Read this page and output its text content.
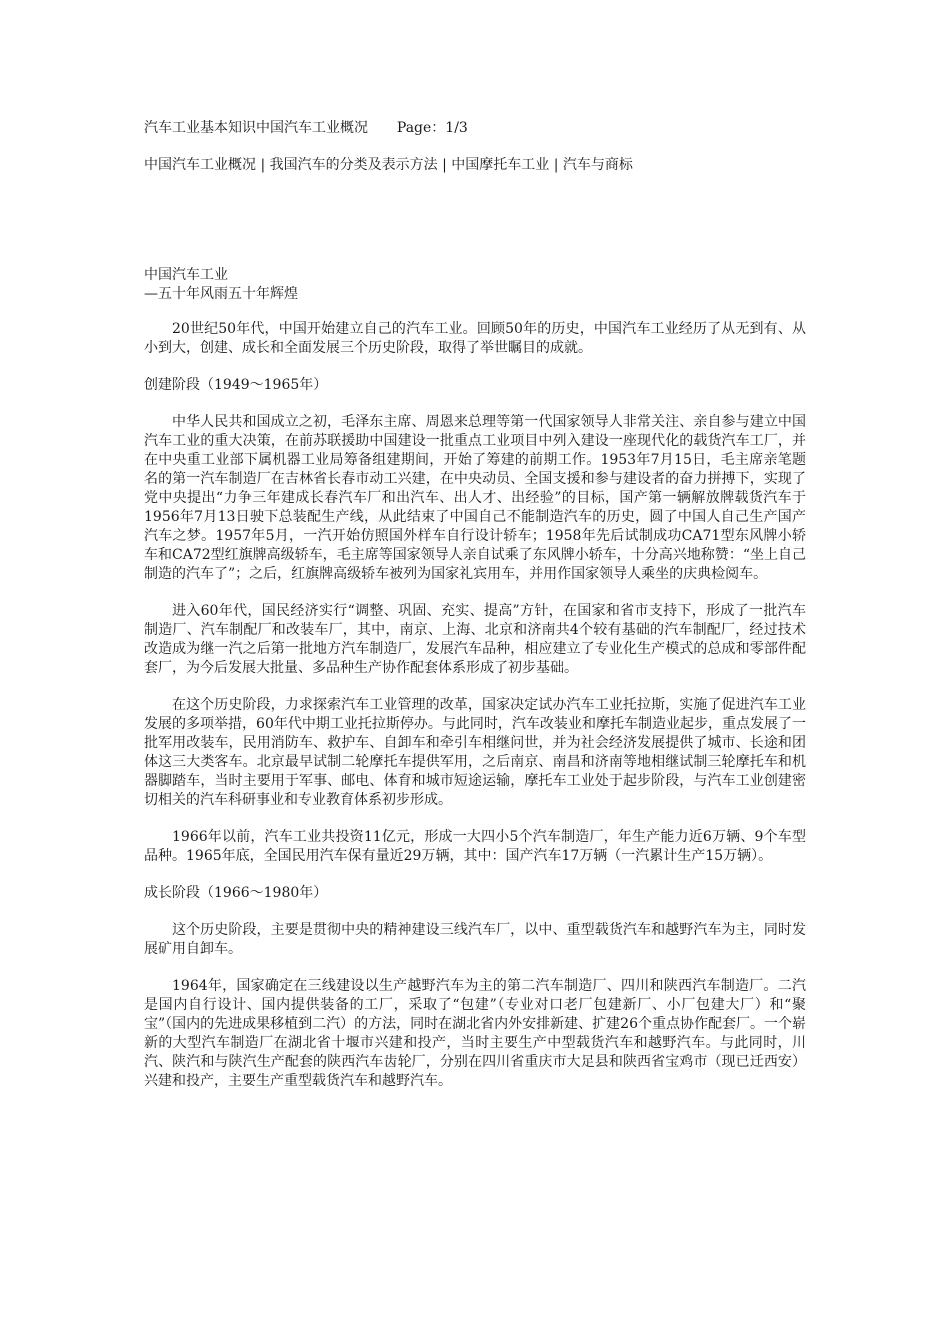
汽车工业基本知识中国汽车工业概况 Page：1/3
中国汽车工业概况 | 我国汽车的分类及表示方法 | 中国摩托车工业 | 汽车与商标
中国汽车工业
—五十年风雨五十年辉煌

20世纪50年代，中国开始建立自己的汽车工业。回顾50年的历史，中国汽车工业经历了从无到有、从小到大，创建、成长和全面发展三个历史阶段，取得了举世瞩目的成就。

创建阶段（1949～1965年）

中华人民共和国成立之初，毛泽东主席、周恩来总理等第一代国家领导人非常关注、亲自参与建立中国汽车工业的重大决策，在前苏联援助中国建设一批重点工业项目中列入建设一座现代化的载货汽车工厂，并在中央重工业部下属机器工业局筹备组建期间，开始了筹建的前期工作。1953年7月15日，毛主席亲笔题名的第一汽车制造厂在吉林省长春市动工兴建，在中央动员、全国支援和参与建设者的奋力拼搏下，实现了党中央提出“力争三年建成长春汽车厂和出汽车、出人才、出经验”的目标，国产第一辆解放牌载货汽车于1956年7月13日驶下总装配生产线，从此结束了中国自己不能制造汽车的历史，圆了中国人自己生产国产汽车之梦。1957年5月，一汽开始仿照国外样车自行设计轿车；1958年先后试制成功CA71型东风牌小轿车和CA72型红旗牌高级轿车，毛主席等国家领导人亲自试乘了东风牌小轿车，十分高兴地称赞：“坐上自己制造的汽车了”；之后，红旗牌高级轿车被列为国家礼宾用车，并用作国家领导人乘坐的庆典检阅车。

进入60年代，国民经济实行“调整、巩固、充实、提高”方针，在国家和省市支持下，形成了一批汽车制造厂、汽车制配厂和改装车厂，其中，南京、上海、北京和济南共4个较有基础的汽车制配厂，经过技术改造成为继一汽之后第一批地方汽车制造厂，发展汽车品种，相应建立了专业化生产模式的总成和零部件配套厂，为今后发展大批量、多品种生产协作配套体系形成了初步基础。

在这个历史阶段，力求探索汽车工业管理的改革，国家决定试办汽车工业托拉斯，实施了促进汽车工业发展的多项举措，60年代中期工业托拉斯停办。与此同时，汽车改装业和摩托车制造业起步，重点发展了一批军用改装车，民用消防车、救护车、自卸车和牵引车相继问世，并为社会经济发展提供了城市、长途和团体这三大类客车。北京最早试制二轮摩托车提供军用，之后南京、南昌和济南等地相继试制三轮摩托车和机器脚踏车，当时主要用于军事、邮电、体育和城市短途运输，摩托车工业处于起步阶段，与汽车工业创建密切相关的汽车科研事业和专业教育体系初步形成。

1966年以前，汽车工业共投资11亿元，形成一大四小5个汽车制造厂，年生产能力近6万辆、9个车型品种。1965年底，全国民用汽车保有量近29万辆，其中：国产汽车17万辆（一汽累计生产15万辆）。

成长阶段（1966～1980年）

这个历史阶段，主要是贯彻中央的精神建设三线汽车厂，以中、重型载货汽车和越野汽车为主，同时发展矿用自卸车。

1964年，国家确定在三线建设以生产越野汽车为主的第二汽车制造厂、四川和陕西汽车制造厂。二汽是国内自行设计、国内提供装备的工厂，采取了“包建”（专业对口老厂包建新厂、小厂包建大厂）和“聚宝”（国内的先进成果移植到二汽）的方法，同时在湖北省内外安排新建、扩建26个重点协作配套厂。一个崭新的大型汽车制造厂在湖北省十堰市兴建和投产，当时主要生产中型载货汽车和越野汽车。与此同时，川汽、陕汽和与陕汽生产配套的陕西汽车齿轮厂，分别在四川省重庆市大足县和陕西省宝鸡市（现已迁西安）兴建和投产，主要生产重型载货汽车和越野汽车。
